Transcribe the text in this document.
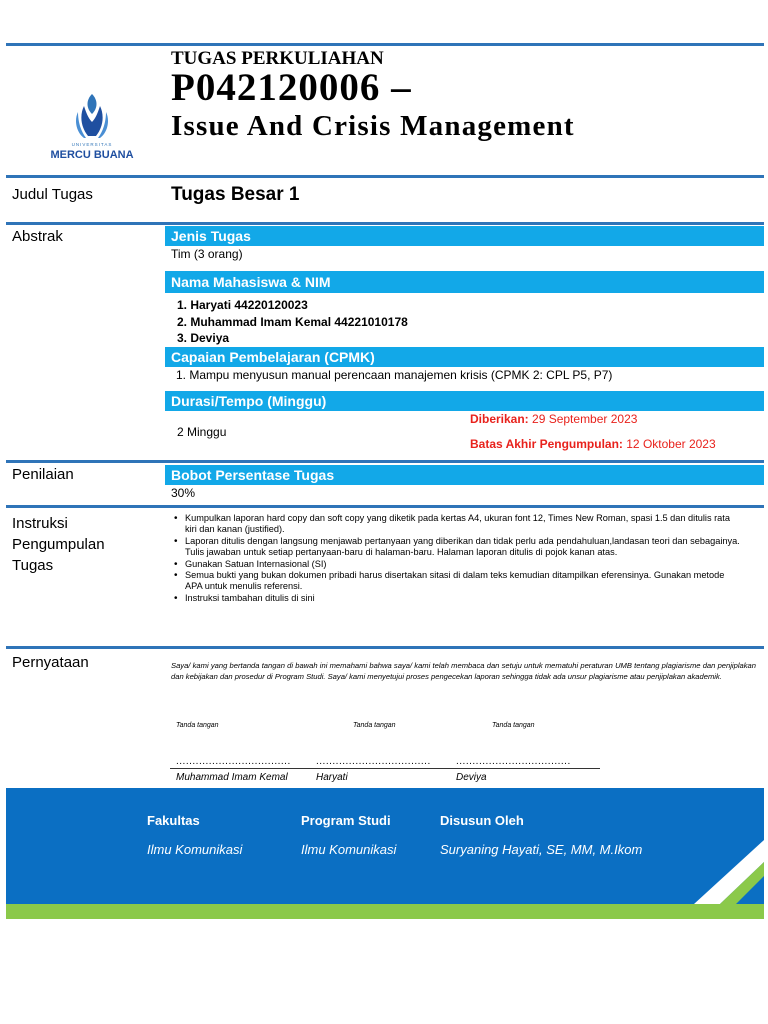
UNIVERSITAS
MERCU BUANA
TUGAS PERKULIAHAN
P042120006 –
Issue And Crisis Management
Judul Tugas	Tugas Besar 1
Abstrak	Jenis Tugas
Tim (3 orang)
Nama Mahasiswa & NIM
1. Haryati 44220120023
2. Muhammad Imam Kemal 44221010178
3. Deviya
Capaian Pembelajaran (CPMK)
1. Mampu menyusun manual perencaan manajemen krisis (CPMK 2: CPL P5, P7)
Durasi/Tempo (Minggu)
2 Minggu
Diberikan: 29 September 2023
Batas Akhir Pengumpulan: 12 Oktober 2023
Penilaian	Bobot Persentase Tugas
30%
Instruksi
Pengumpulan
Tugas
• Kumpulkan laporan hard copy dan soft copy yang diketik pada kertas A4, ukuran font 12, Times New Roman, spasi 1.5 dan ditulis rata kiri dan kanan (justified).
• Laporan ditulis dengan langsung menjawab pertanyaan yang diberikan dan tidak perlu ada pendahuluan,landasan teori dan sebagainya. Tulis jawaban untuk setiap pertanyaan-baru di halaman-baru. Halaman laporan ditulis di pojok kanan atas.
• Gunakan Satuan Internasional (SI)
• Semua bukti yang bukan dokumen pribadi harus disertakan sitasi di dalam teks kemudian ditampilkan eferensinya. Gunakan metode APA untuk menulis referensi.
• Instruksi tambahan ditulis di sini
Pernyataan	Saya/ kami yang bertanda tangan di bawah ini memahami bahwa saya/ kami telah membaca dan setuju untuk mematuhi peraturan UMB tentang plagiarisme dan penjiplakan dan kebijakan dan prosedur di Program Studi. Saya/ kami menyetujui proses pengecekan laporan sehingga tidak ada unsur plagiarisme atau penjiplakan akademik.
Tanda tangan	Tanda tangan	Tanda tangan
...................................	...................................	...................................
Muhammad Imam Kemal	Haryati	Deviya
Fakultas
Ilmu Komunikasi
Program Studi
Ilmu Komunikasi
Disusun Oleh
Suryaning Hayati, SE, MM, M.Ikom
